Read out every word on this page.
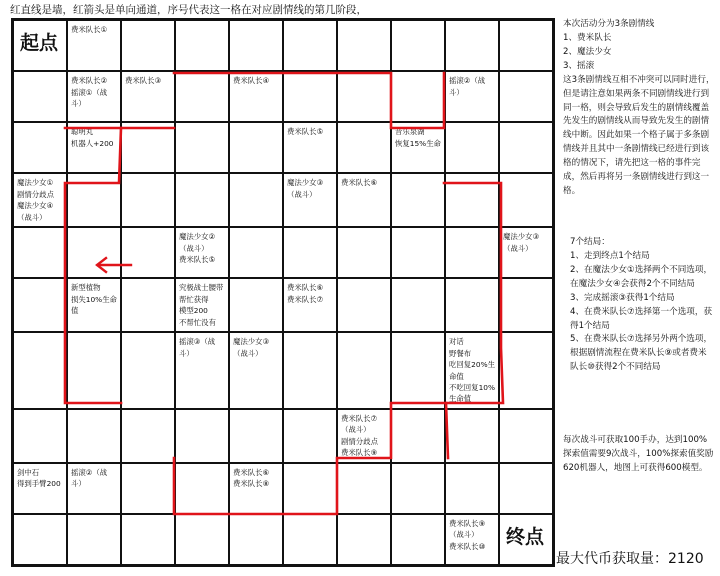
红直线是墙，红箭头是单向通道，序号代表这一格在对应剧情线的第几阶段，
起点
费米队长①
费米队长②
摇滚①（战斗）
费米队长③	费米队长④	摇滚②（战斗）
聪明丸
机器人+200
费米队长⑤	音乐泉湖
恢复15%生命
魔法少女①
剧情分歧点
魔法少女④
（战斗）
魔法少女③
（战斗）
费米队长⑥
魔法少女②
（战斗）
费米队长⑤
魔法少女③
（战斗）
新型植物
损失10%生命值
究极战士腰带
帮忙获得
模型200
不帮忙没有
费米队长⑥
费米队长⑦
摇滚③（战斗）
魔法少女③
（战斗）
对话
野餐布
吃回复20%生命值
不吃回复10%生命值
费米队长⑦
（战斗）
剧情分歧点
费米队长⑨
剑中石
得到手臂200
摇滚②（战斗）
费米队长⑥
费米队长⑧
费米队长⑨
（战斗）
费米队长⑩	终点

本次活动分为3条剧情线

1、费米队长

2、魔法少女

3、摇滚

这3条剧情线互相不冲突可以同时进行，但是请注意如果两条不同剧情线进行到同一格，则会导致后发生的剧情线覆盖先发生的剧情线从而导致先发生的剧情线中断。因此如果一个格子属于多条剧情线并且其中一条剧情线已经进行到该格的情况下，请先把这一格的事件完成，然后再将另一条剧情线进行到这一格。

7个结局：

1、走到终点1个结局

2、在魔法少女①选择两个不同选项，在魔法少女④会获得2个不同结局

3、完成摇滚③获得1个结局

4、在费米队长⑦选择第一个选项，获得1个结局

5、在费米队长⑦选择另外两个选项，根据剧情流程在费米队长⑨或者费米队长⑩获得2个不同结局

每次战斗可获取100手办，达到100%探索值需要9次战斗，100%探索值奖励620机器人，地图上可获得600模型。
最大代币获取量：2120
